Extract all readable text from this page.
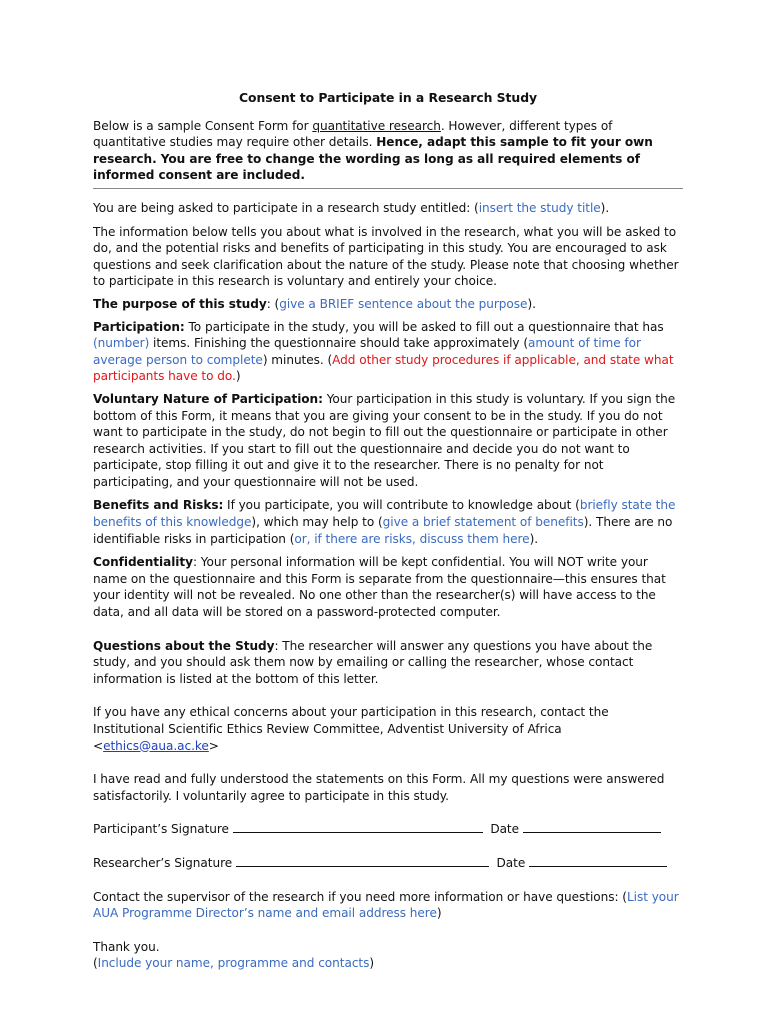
Consent to Participate in a Research Study

Below is a sample Consent Form for quantitative research. However, different types of quantitative studies may require other details. Hence, adapt this sample to fit your own research. You are free to change the wording as long as all required elements of informed consent are included.

You are being asked to participate in a research study entitled: (insert the study title).

The information below tells you about what is involved in the research, what you will be asked to do, and the potential risks and benefits of participating in this study. You are encouraged to ask questions and seek clarification about the nature of the study. Please note that choosing whether to participate in this research is voluntary and entirely your choice.

The purpose of this study: (give a BRIEF sentence about the purpose).

Participation: To participate in the study, you will be asked to fill out a questionnaire that has (number) items. Finishing the questionnaire should take approximately (amount of time for average person to complete) minutes. (Add other study procedures if applicable, and state what participants have to do.)

Voluntary Nature of Participation: Your participation in this study is voluntary. If you sign the bottom of this Form, it means that you are giving your consent to be in the study. If you do not want to participate in the study, do not begin to fill out the questionnaire or participate in other research activities. If you start to fill out the questionnaire and decide you do not want to participate, stop filling it out and give it to the researcher. There is no penalty for not participating, and your questionnaire will not be used.

Benefits and Risks: If you participate, you will contribute to knowledge about (briefly state the benefits of this knowledge), which may help to (give a brief statement of benefits). There are no identifiable risks in participation (or, if there are risks, discuss them here).

Confidentiality: Your personal information will be kept confidential. You will NOT write your name on the questionnaire and this Form is separate from the questionnaire—this ensures that your identity will not be revealed. No one other than the researcher(s) will have access to the data, and all data will be stored on a password-protected computer.

Questions about the Study: The researcher will answer any questions you have about the study, and you should ask them now by emailing or calling the researcher, whose contact information is listed at the bottom of this letter.

If you have any ethical concerns about your participation in this research, contact the Institutional Scientific Ethics Review Committee, Adventist University of Africa <ethics@aua.ac.ke>

I have read and fully understood the statements on this Form. All my questions were answered satisfactorily. I voluntarily agree to participate in this study.

Participant’s Signature	Date

Researcher’s Signature	Date

Contact the supervisor of the research if you need more information or have questions: (List your AUA Programme Director’s name and email address here)

Thank you.

(Include your name, programme and contacts)
